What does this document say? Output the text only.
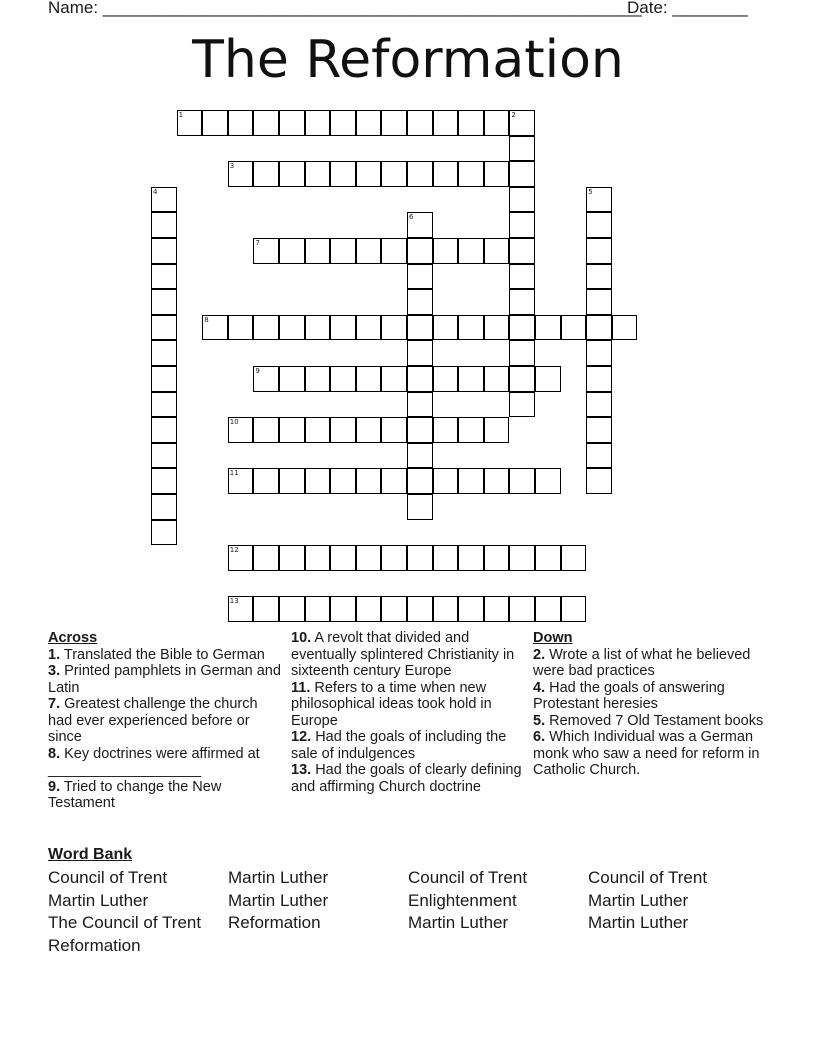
Name: _________________________________________________________
Date: ________
The Reformation
1	2
3
4	5
6
7
8
9
10
11
12
13
Across
1. Translated the Bible to German
3. Printed pamphlets in German and Latin
7. Greatest challenge the church had ever experienced before or since
8. Key doctrines were affirmed at ___________________
9. Tried to change the New Testament
10. A revolt that divided and eventually splintered Christianity in sixteenth century Europe
11. Refers to a time when new philosophical ideas took hold in Europe
12. Had the goals of including the sale of indulgences
13. Had the goals of clearly defining and affirming Church doctrine
Down
2. Wrote a list of what he believed were bad practices
4. Had the goals of answering Protestant heresies
5. Removed 7 Old Testament books
6. Which Individual was a German monk who saw a need for reform in Catholic Church.
Word Bank
Council of Trent	Martin Luther	Council of Trent	Council of Trent
Martin Luther	Martin Luther	Enlightenment	Martin Luther
The Council of Trent	Reformation	Martin Luther	Martin Luther
Reformation
